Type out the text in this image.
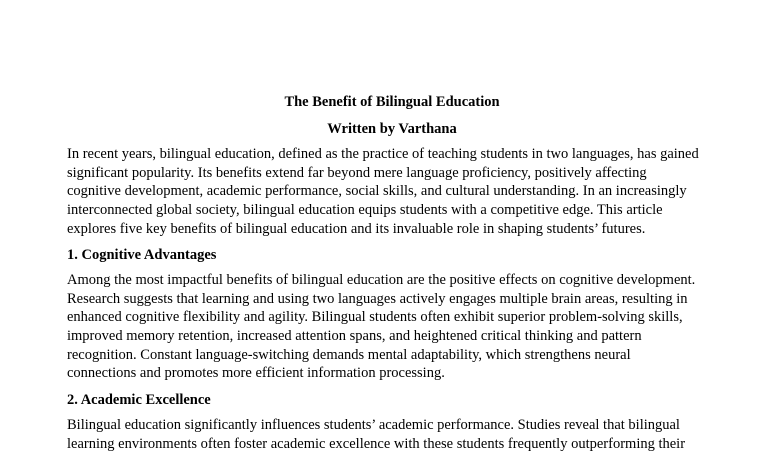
The Benefit of Bilingual Education
Written by Varthana
In recent years, bilingual education, defined as the practice of teaching students in two languages, has gained
significant popularity. Its benefits extend far beyond mere language proficiency, positively affecting
cognitive development, academic performance, social skills, and cultural understanding. In an increasingly
interconnected global society, bilingual education equips students with a competitive edge. This article
explores five key benefits of bilingual education and its invaluable role in shaping students’ futures.
1. Cognitive Advantages
Among the most impactful benefits of bilingual education are the positive effects on cognitive development.
Research suggests that learning and using two languages actively engages multiple brain areas, resulting in
enhanced cognitive flexibility and agility. Bilingual students often exhibit superior problem-solving skills,
improved memory retention, increased attention spans, and heightened critical thinking and pattern
recognition. Constant language-switching demands mental adaptability, which strengthens neural
connections and promotes more efficient information processing.
2. Academic Excellence
Bilingual education significantly influences students’ academic performance. Studies reveal that bilingual
learning environments often foster academic excellence with these students frequently outperforming their
